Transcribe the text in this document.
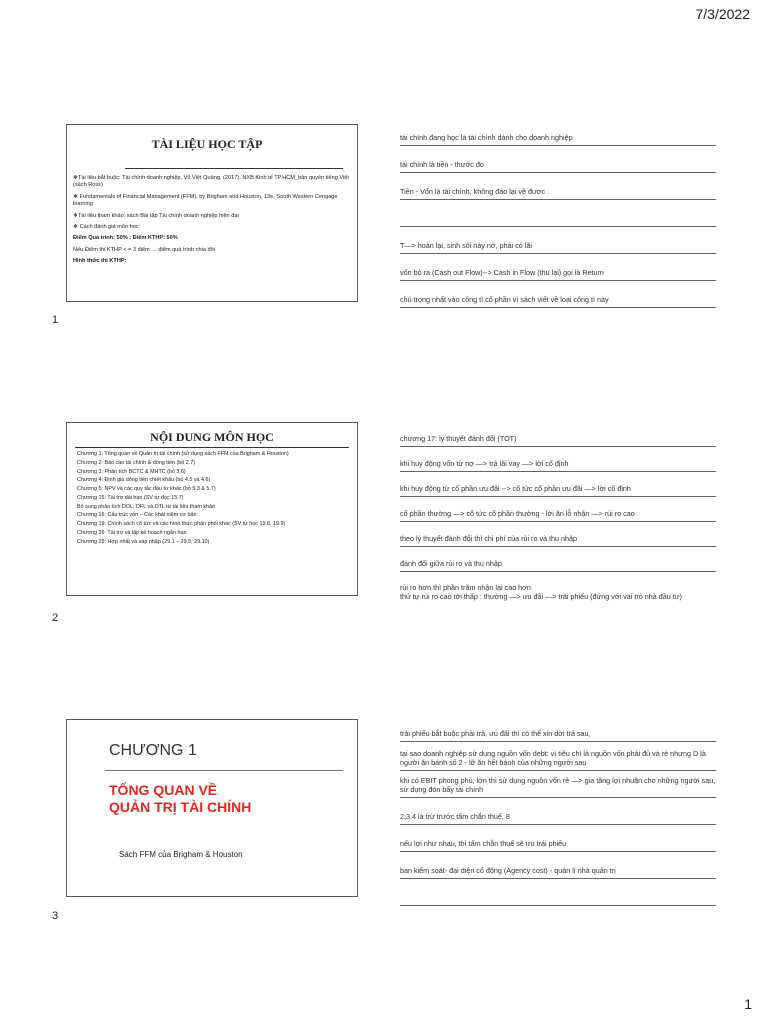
7/3/2022
TÀI LIỆU HỌC TẬP

❖Tài liệu bắt buộc: Tài chính doanh nghiệp, Vũ Việt Quảng, (2017). NXB Kinh tế TP.HCM_bản quyền tiếng Việt (sách Ross)

❖ Fundamentals of Financial Management (FFM), by Brigham and Houston, 13e, South Western Cengage learning

❖Tài liệu tham khảo: sách Bài tập Tài chính doanh nghiệp hiện đại

❖ Cách đánh giá môn học:

Điểm Quá trình: 50% ; Điểm KTHP: 50%

Nếu Điểm thi KTHP < = 3 điểm → điểm quá trình chia đôi

Hình thức thi KTHP:

1
tài chính đang học là tài chính dành cho doanh nghiệp
tài chính là tiền - thước đo
Tiền - Vốn là tài chính, không đảo lại về được
T—> hoàn lại, sinh sôi nảy nở, phải có lãi
vốn bỏ ra (Cash out Flow)--> Cash in Flow (thu lại) gọi là Return
chú trọng nhất vào công tì cổ phần vì sách viết về loại công tì này
NỘI DUNG MÔN HỌC
Chương 1: Tổng quan về Quản trị tài chính (sử dụng sách FFM của Brigham & Houston)
Chương 2: Báo cáo tài chính & dòng tiền (bỏ 2.7)
Chương 3: Phân tích BCTC & MHTC (bỏ 3.6)
Chương 4: Định giá dòng tiền chiết khấu (bỏ 4.5 và 4.6)
Chương 5: NPV và các quy tắc đầu tư khác (bỏ 5.3 & 5.7)
Chương 15: Tài trợ dài hạn (SV tự đọc 15.7)
Bổ sung phân tích DOL, DFL và DTL từ tài liệu tham khảo
Chương 16: Cấu trúc vốn – Các khái niệm cơ bản
Chương 19: Chính sách cổ tức và các hình thức phân phối khác (SV tự học 19.8, 19.9)
Chương 26: Tài trợ và lập kế hoạch ngắn hạn
Chương 29: Hợp nhất và sáp nhập (29.1 – 29.5; 29.10)
2
chương 17: lý thuyết đánh đổi (TOT)
khi huy động vốn từ nợ —> trả lãi vay —> lời cố định
khi huy động từ cổ phần ưu đãi --> cổ tức cổ phần ưu đãi —> lời cố định
cổ phần thường —> cổ tức cổ phần thường - lời ăn lỗ nhận —> rủi ro cao
theo lý thuyết đánh đổi thì chi phí của rủi ro và thu nhập
đánh đổi giữa rủi ro và thu nhập
rủi ro hơn thì phần trăm nhận lại cao hơn
thứ tự rủi ro cao tới thấp : thường —> ưu đãi —> trái phiếu (đứng với vai trò nhà đầu tư)
CHƯƠNG 1
TỔNG QUAN VỀ
QUẢN TRỊ TÀI CHÍNH
Sách FFM của Brigham & Houston
3
trái phiếu bắt buộc phải trả, ưu đãi thì có thể xin dời trả sau,
tại sao doanh nghiệp sử dụng nguồn vốn debt: vì tiêu chí là nguồn vốn phải đủ và rẻ nhưng D là người ăn bánh số 2 - lỡ ăn hết bánh của những người sau
khi có EBIT phong phú, lớn thì sử dụng nguồn vốn rẻ —> gia tăng lợi nhuận cho những người sau, sử dụng đòn bẩy tài chính
2,3,4 là trừ trước tấm chắn thuế, 8
nếu lợi như nhau, thì tấm chắn thuế sẽ ưu trái phiếu
ban kiểm soát- đại diện cổ đông (Agency cost) - quản lí nhà quản trị
1
